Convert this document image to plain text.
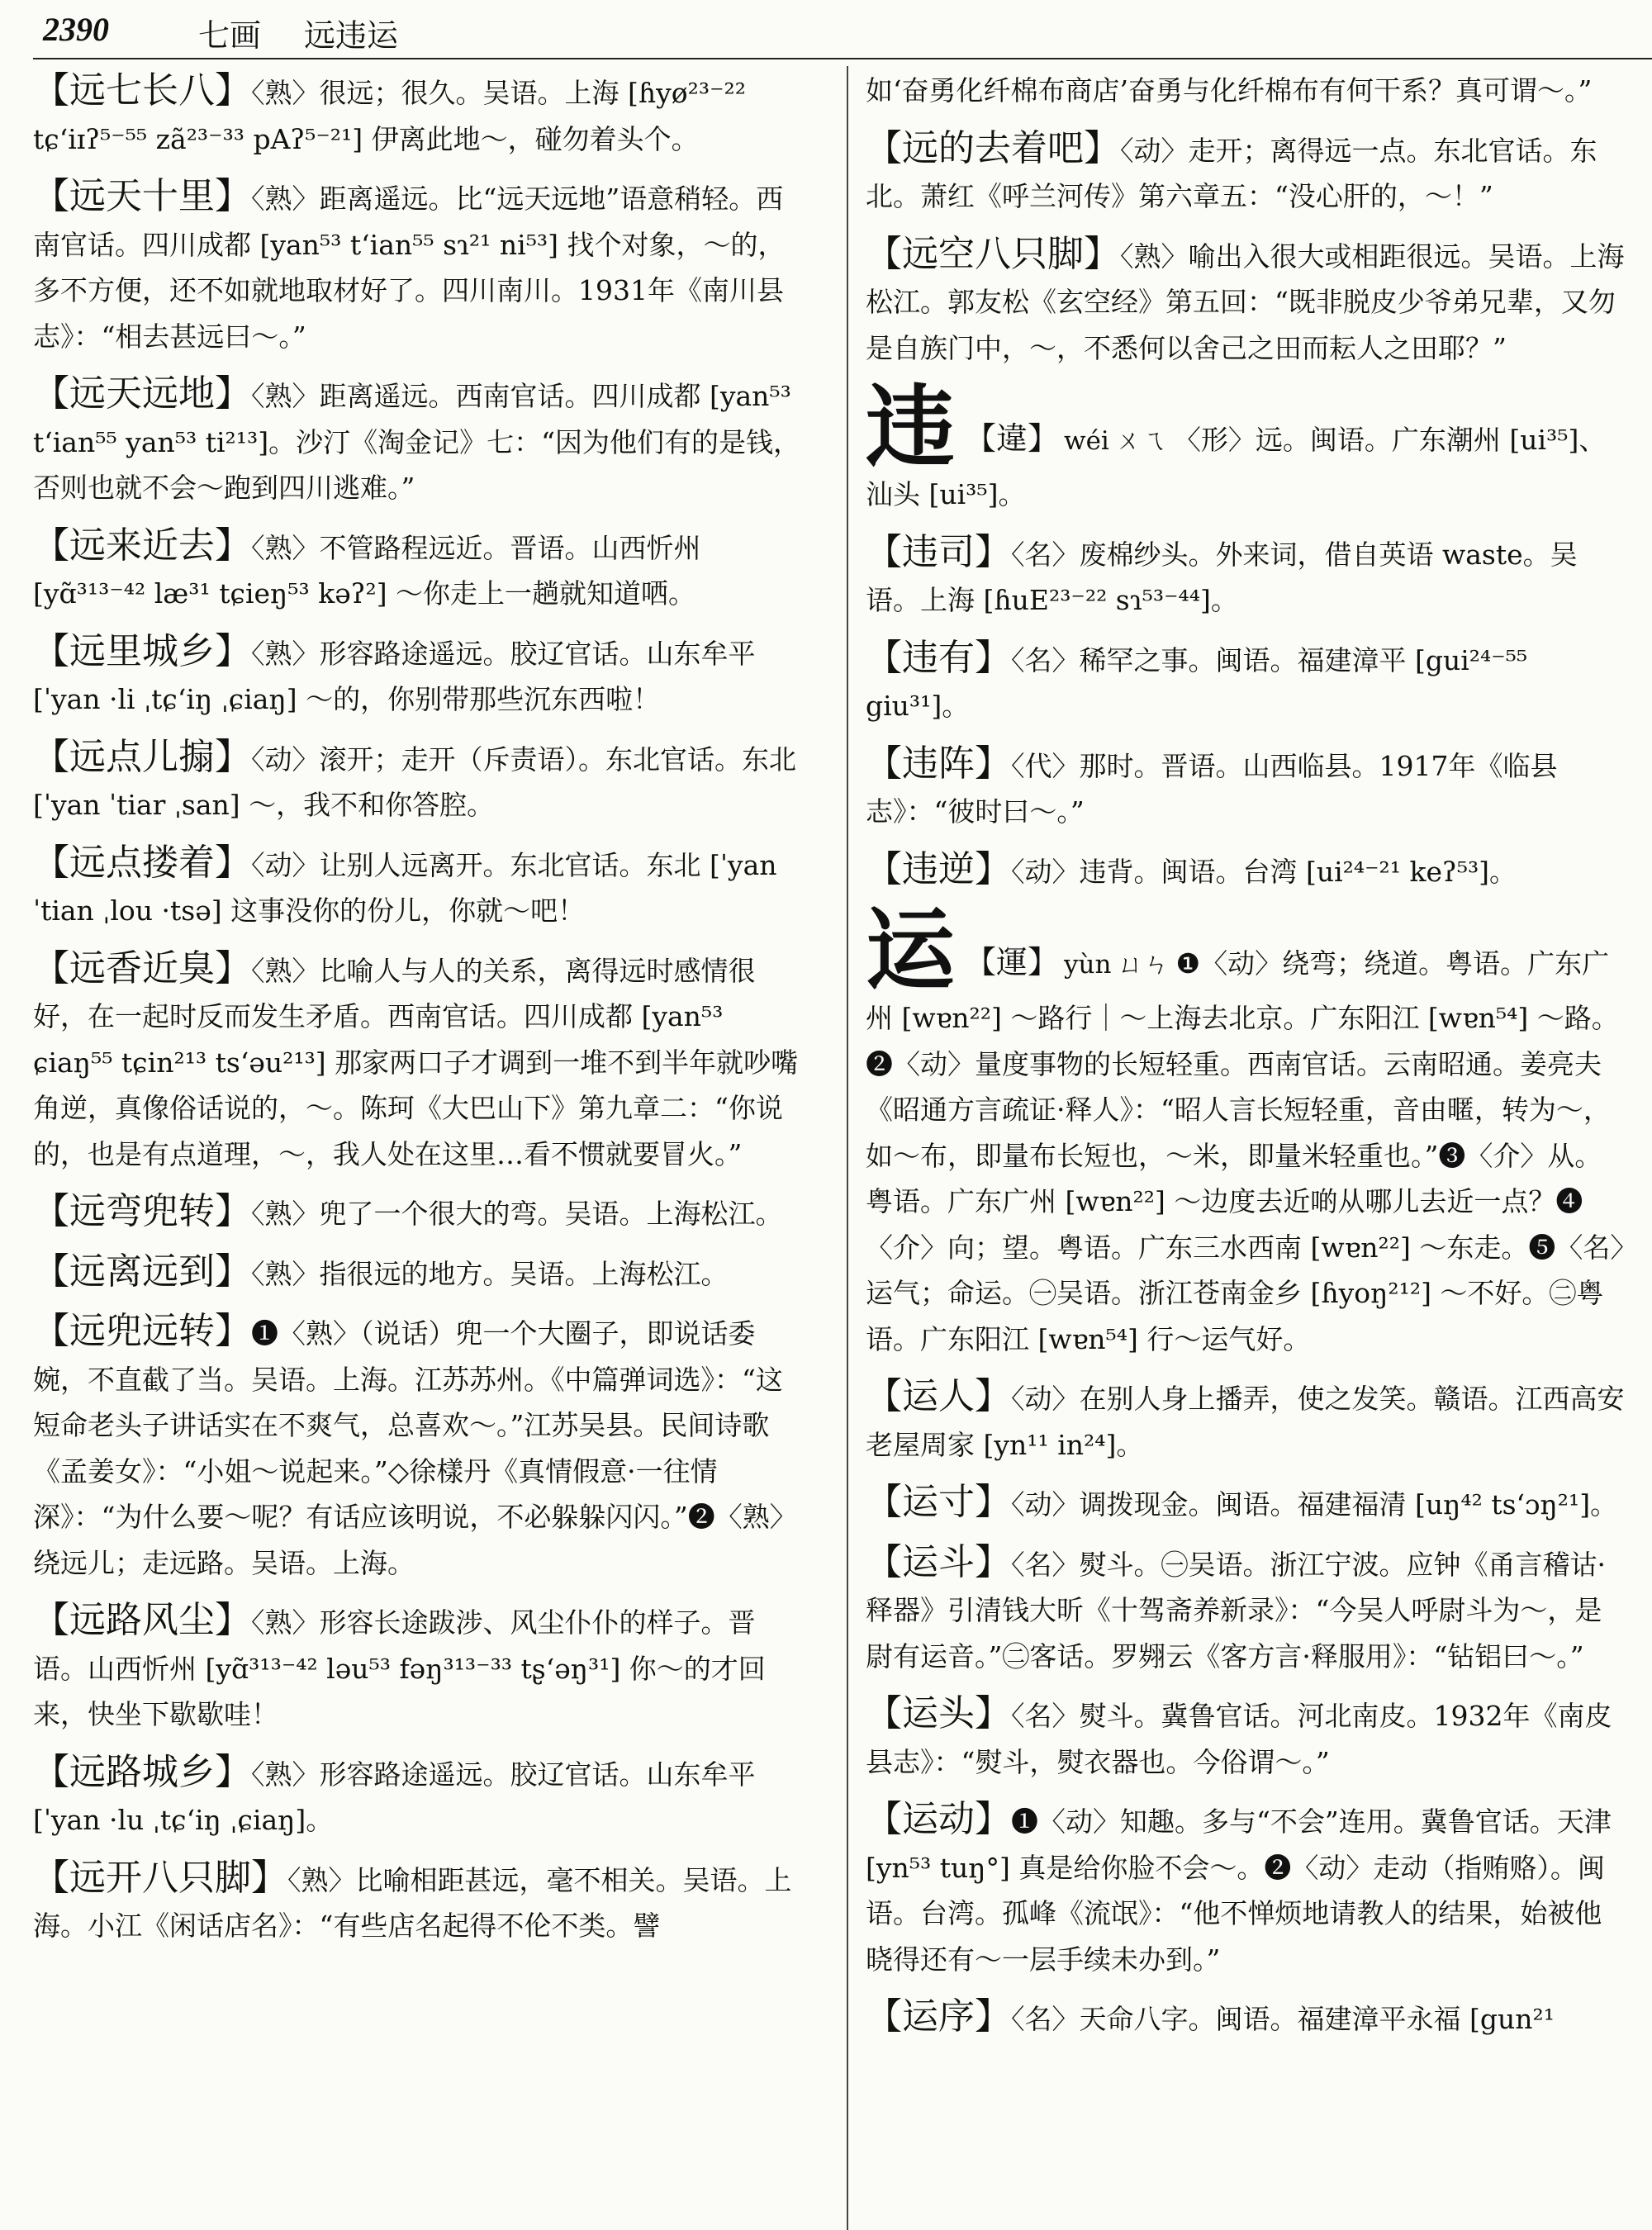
2390	七画 远违运

【远七长八】〈熟〉很远；很久。吴语。上海 [ɦyø²³⁻²² tɕʻiɪʔ⁵⁻⁵⁵ zã²³⁻³³ pAʔ⁵⁻²¹] 伊离此地～，碰勿着头个。

【远天十里】〈熟〉距离遥远。比“远天远地”语意稍轻。西南官话。四川成都 [yan⁵³ tʻian⁵⁵ sɿ²¹ ni⁵³] 找个对象，～的，多不方便，还不如就地取材好了。四川南川。1931年《南川县志》：“相去甚远曰～。”

【远天远地】〈熟〉距离遥远。西南官话。四川成都 [yan⁵³ tʻian⁵⁵ yan⁵³ ti²¹³]。沙汀《淘金记》七：“因为他们有的是钱，否则也就不会～跑到四川逃难。”

【远来近去】〈熟〉不管路程远近。晋语。山西忻州 [yɑ̃³¹³⁻⁴² læ³¹ tɕieŋ⁵³ kəʔ²] ～你走上一趟就知道哂。

【远里城乡】〈熟〉形容路途遥远。胶辽官话。山东牟平 [ˈyan ·li ˌtɕʻiŋ ˌɕiaŋ] ～的，你别带那些沉东西啦！

【远点儿搧】〈动〉滚开；走开（斥责语）。东北官话。东北 [ˈyan ˈtiar ˌsan] ～，我不和你答腔。

【远点搂着】〈动〉让别人远离开。东北官话。东北 [ˈyan ˈtian ˌlou ·tsə] 这事没你的份儿，你就～吧！

【远香近臭】〈熟〉比喻人与人的关系，离得远时感情很好，在一起时反而发生矛盾。西南官话。四川成都 [yan⁵³ ɕiaŋ⁵⁵ tɕin²¹³ tsʻəu²¹³] 那家两口子才调到一堆不到半年就吵嘴角逆，真像俗话说的，～。陈珂《大巴山下》第九章二：“你说的，也是有点道理，～，我人处在这里…看不惯就要冒火。”

【远弯兜转】〈熟〉兜了一个很大的弯。吴语。上海松江。

【远离远到】〈熟〉指很远的地方。吴语。上海松江。

【远兜远转】❶〈熟〉（说话）兜一个大圈子，即说话委婉，不直截了当。吴语。上海。江苏苏州。《中篇弹词选》：“这短命老头子讲话实在不爽气，总喜欢～。”江苏吴县。民间诗歌《孟姜女》：“小姐～说起来。”◇徐樣丹《真情假意·一往情深》：“为什么要～呢？有话应该明说，不必躲躲闪闪。”❷〈熟〉绕远儿；走远路。吴语。上海。

【远路风尘】〈熟〉形容长途跋涉、风尘仆仆的样子。晋语。山西忻州 [yɑ̃³¹³⁻⁴² ləu⁵³ fəŋ³¹³⁻³³ tʂʻəŋ³¹] 你～的才回来，快坐下歇歇哇！

【远路城乡】〈熟〉形容路途遥远。胶辽官话。山东牟平 [ˈyan ·lu ˌtɕʻiŋ ˌɕiaŋ]。

【远开八只脚】〈熟〉比喻相距甚远，毫不相关。吴语。上海。小江《闲话店名》：“有些店名起得不伦不类。譬

如‘奋勇化纤棉布商店’奋勇与化纤棉布有何干系？真可谓～。”

【远的去着吧】〈动〉走开；离得远一点。东北官话。东北。萧红《呼兰河传》第六章五：“没心肝的，～！”

【远空八只脚】〈熟〉喻出入很大或相距很远。吴语。上海松江。郭友松《玄空经》第五回：“既非脱皮少爷弟兄辈，又勿是自族门中，～，不悉何以舍己之田而耘人之田耶？”

违 【違】 wéi ㄨㄟ 〈形〉远。闽语。广东潮州 [ui³⁵]、汕头 [ui³⁵]。

【违司】〈名〉废棉纱头。外来词，借自英语 waste。吴语。上海 [ɦuE²³⁻²² sɿ⁵³⁻⁴⁴]。

【违有】〈名〉稀罕之事。闽语。福建漳平 [gui²⁴⁻⁵⁵ giu³¹]。

【违阵】〈代〉那时。晋语。山西临县。1917年《临县志》：“彼时曰～。”

【违逆】〈动〉违背。闽语。台湾 [ui²⁴⁻²¹ keʔ⁵³]。

运 【運】 yùn ㄩㄣ ❶〈动〉绕弯；绕道。粤语。广东广州 [wɐn²²] ～路行｜～上海去北京。广东阳江 [wɐn⁵⁴] ～路。❷〈动〉量度事物的长短轻重。西南官话。云南昭通。姜亮夫《昭通方言疏证·释人》：“昭人言长短轻重，音由暱，转为～，如～布，即量布长短也，～米，即量米轻重也。”❸〈介〉从。粤语。广东广州 [wɐn²²] ～边度去近啲从哪儿去近一点？❹〈介〉向；望。粤语。广东三水西南 [wɐn²²] ～东走。❺〈名〉运气；命运。㊀吴语。浙江苍南金乡 [ɦyoŋ²¹²] ～不好。㊁粤语。广东阳江 [wɐn⁵⁴] 行～运气好。

【运人】〈动〉在别人身上播弄，使之发笑。赣语。江西高安老屋周家 [yn¹¹ in²⁴]。

【运寸】〈动〉调拨现金。闽语。福建福清 [uŋ⁴² tsʻɔŋ²¹]。

【运斗】〈名〉熨斗。㊀吴语。浙江宁波。应钟《甬言稽诂·释器》引清钱大昕《十驾斋养新录》：“今吴人呼尉斗为～，是尉有运音。”㊁客话。罗翙云《客方言·释服用》：“钻铝曰～。”

【运头】〈名〉熨斗。冀鲁官话。河北南皮。1932年《南皮县志》：“熨斗，熨衣器也。今俗谓～。”

【运动】❶〈动〉知趣。多与“不会”连用。冀鲁官话。天津 [yn⁵³ tuŋ°] 真是给你脸不会～。❷〈动〉走动（指贿赂）。闽语。台湾。孤峰《流氓》：“他不惮烦地请教人的结果，始被他晓得还有～一层手续未办到。”

【运序】〈名〉天命八字。闽语。福建漳平永福 [gun²¹
